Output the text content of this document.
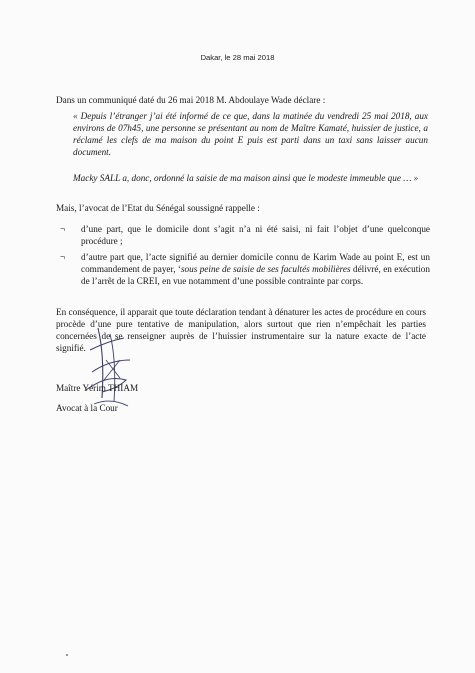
Dakar, le 28 mai 2018
Dans un communiqué daté du 26 mai 2018 M. Abdoulaye Wade déclare :
« Depuis l’étranger j’ai été informé de ce que, dans la matinée du vendredi 25 mai 2018, aux environs de 07h45, une personne se présentant au nom de Maître Kamaté, huissier de justice, a réclamé les clefs de ma maison du point E puis est parti dans un taxi sans laisser aucun document.
Macky SALL a, donc, ordonné la saisie de ma maison ainsi que le modeste immeuble que … »
Mais, l’avocat de l’Etat du Sénégal soussigné rappelle :
¬ d’une part, que le domicile dont s’agit n’a ni été saisi, ni fait l’objet d’une quelconque procédure ;
¬ d’autre part que, l’acte signifié au dernier domicile connu de Karim Wade au point E, est un commandement de payer, ‘sous peine de saisie de ses facultés mobilières délivré, en exécution de l’arrêt de la CREI, en vue notamment d’une possible contrainte par corps.
En conséquence, il apparait que toute déclaration tendant à dénaturer les actes de procédure en cours procède d’une pure tentative de manipulation, alors surtout que rien n’empêchait les parties concernées de se renseigner auprès de l’huissier instrumentaire sur la nature exacte de l’acte signifié.
Maître Yérim THIAM
Avocat à la Cour
